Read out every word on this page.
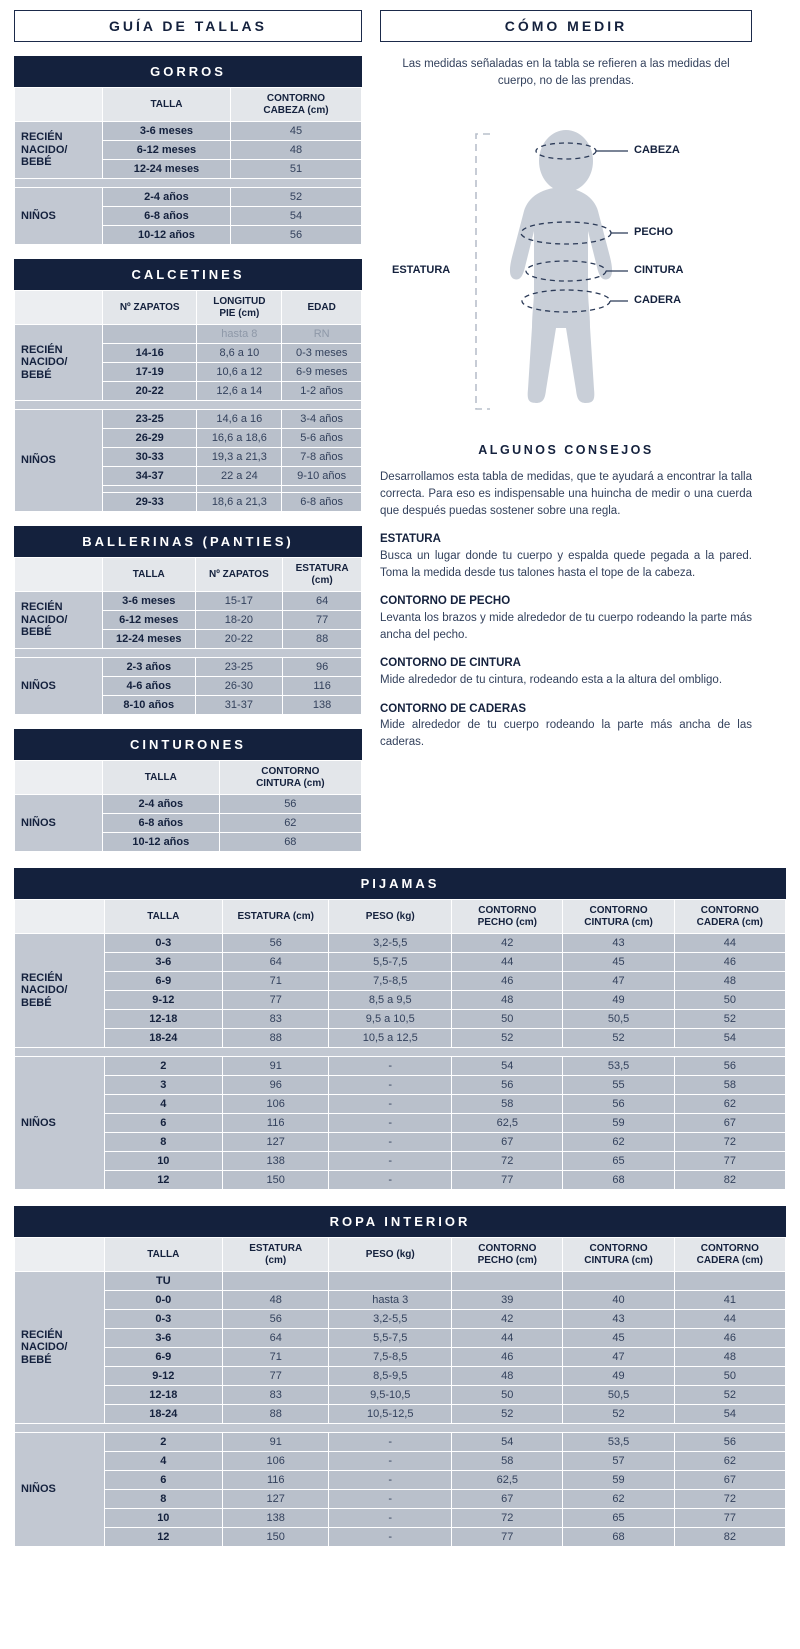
GUÍA DE TALLAS
GORROS
	TALLA	CONTORNO
CABEZA (cm)
RECIÉN
NACIDO/
BEBÉ	3-6 meses	45
	6-12 meses	48
	12-24 meses	51

NIÑOS	2-4 años	52
	6-8 años	54
	10-12 años	56
CALCETINES
	Nº ZAPATOS	LONGITUD
PIE (cm)	EDAD
RECIÉN
NACIDO/
BEBÉ		hasta 8	RN
	14-16	8,6 a 10	0-3 meses
	17-19	10,6 a 12	6-9 meses
	20-22	12,6 a 14	1-2 años

NIÑOS	23-25	14,6 a 16	3-4 años
	26-29	16,6 a 18,6	5-6 años
	30-33	19,3 a 21,3	7-8 años
	34-37	22 a 24	9-10 años

	29-33	18,6 a 21,3	6-8 años
BALLERINAS (PANTIES)
	TALLA	Nº ZAPATOS	ESTATURA
(cm)
RECIÉN
NACIDO/
BEBÉ	3-6 meses	15-17	64
	6-12 meses	18-20	77
	12-24 meses	20-22	88

NIÑOS	2-3 años	23-25	96
	4-6 años	26-30	116
	8-10 años	31-37	138
CINTURONES
	TALLA	CONTORNO
CINTURA (cm)
NIÑOS	2-4 años	56
	6-8 años	62
	10-12 años	68
CÓMO MEDIR
Las medidas señaladas en la tabla se refieren a las medidas del cuerpo, no de las prendas.
CABEZA
PECHO
CINTURA
CADERA
ESTATURA
ALGUNOS CONSEJOS
Desarrollamos esta tabla de medidas, que te ayudará a encontrar la talla correcta. Para eso es indispensable una huincha de medir o una cuerda que después puedas sostener sobre una regla.
ESTATURA
Busca un lugar donde tu cuerpo y espalda quede pegada a la pared. Toma la medida desde tus talones hasta el tope de la cabeza.
CONTORNO DE PECHO
Levanta los brazos y mide alrededor de tu cuerpo rodeando la parte más ancha del pecho.
CONTORNO DE CINTURA
Mide alrededor de tu cintura, rodeando esta a la altura del ombligo.
CONTORNO DE CADERAS
Mide alrededor de tu cuerpo rodeando la parte más ancha de las caderas.
PIJAMAS
	TALLA	ESTATURA (cm)	PESO (kg)	CONTORNO
PECHO (cm)	CONTORNO
CINTURA (cm)	CONTORNO
CADERA (cm)
RECIÉN
NACIDO/
BEBÉ	0-3	56	3,2-5,5	42	43	44
	3-6	64	5,5-7,5	44	45	46
	6-9	71	7,5-8,5	46	47	48
	9-12	77	8,5 a 9,5	48	49	50
	12-18	83	9,5 a 10,5	50	50,5	52
	18-24	88	10,5 a 12,5	52	52	54

NIÑOS	2	91	-	54	53,5	56
	3	96	-	56	55	58
	4	106	-	58	56	62
	6	116	-	62,5	59	67
	8	127	-	67	62	72
	10	138	-	72	65	77
	12	150	-	77	68	82
ROPA INTERIOR
	TALLA	ESTATURA
(cm)	PESO (kg)	CONTORNO
PECHO (cm)	CONTORNO
CINTURA (cm)	CONTORNO
CADERA (cm)
RECIÉN
NACIDO/
BEBÉ	TU					
	0-0	48	hasta 3	39	40	41
	0-3	56	3,2-5,5	42	43	44
	3-6	64	5,5-7,5	44	45	46
	6-9	71	7,5-8,5	46	47	48
	9-12	77	8,5-9,5	48	49	50
	12-18	83	9,5-10,5	50	50,5	52
	18-24	88	10,5-12,5	52	52	54

NIÑOS	2	91	-	54	53,5	56
	4	106	-	58	57	62
	6	116	-	62,5	59	67
	8	127	-	67	62	72
	10	138	-	72	65	77
	12	150	-	77	68	82
